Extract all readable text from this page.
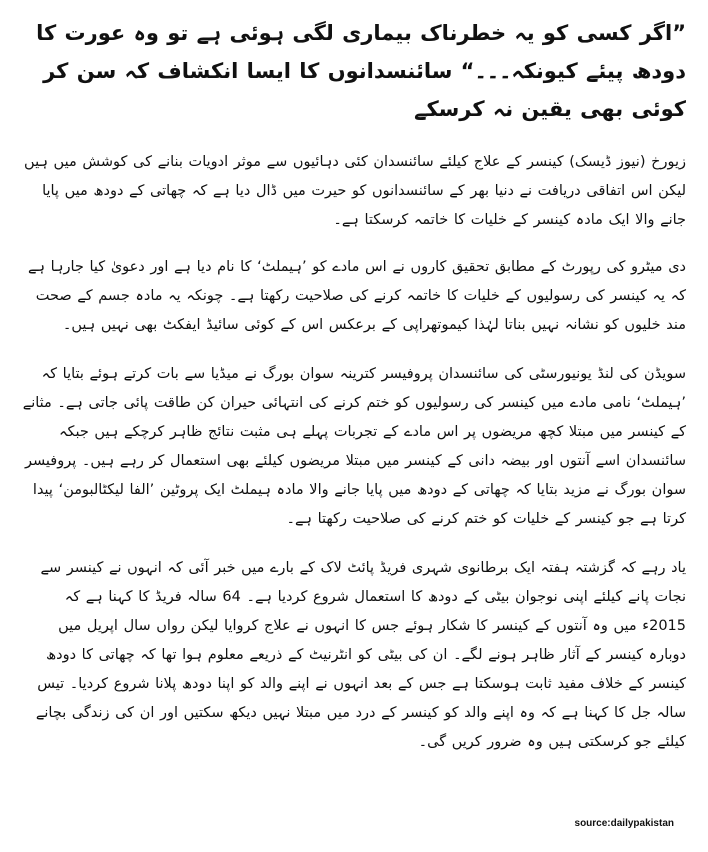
”اگر کسی کو یہ خطرناک بیماری لگی ہوئی ہے تو وہ عورت کا دودھ پیئے کیونکہ۔۔۔“ سائنسدانوں کا ایسا انکشاف کہ سن کر کوئی بھی یقین نہ کرسکے

زیورخ (نیوز ڈیسک) کینسر کے علاج کیلئے سائنسدان کئی دہائیوں سے موثر ادویات بنانے کی کوشش میں ہیں لیکن اس اتفاقی دریافت نے دنیا بھر کے سائنسدانوں کو حیرت میں ڈال دیا ہے کہ چھاتی کے دودھ میں پایا جانے والا ایک مادہ کینسر کے خلیات کا خاتمہ کرسکتا ہے۔

دی میٹرو کی رپورٹ کے مطابق تحقیق کاروں نے اس مادے کو ’ہیملٹ‘ کا نام دیا ہے اور دعویٰ کیا جارہا ہے کہ یہ کینسر کی رسولیوں کے خلیات کا خاتمہ کرنے کی صلاحیت رکھتا ہے۔ چونکہ یہ مادہ جسم کے صحت مند خلیوں کو نشانہ نہیں بناتا لہٰذا کیموتھراپی کے برعکس اس کے کوئی سائیڈ ایفکٹ بھی نہیں ہیں۔

سویڈن کی لنڈ یونیورسٹی کی سائنسدان پروفیسر کترینہ سوان بورگ نے میڈیا سے بات کرتے ہوئے بتایا کہ ’ہیملٹ‘ نامی مادے میں کینسر کی رسولیوں کو ختم کرنے کی انتہائی حیران کن طاقت پائی جاتی ہے۔ مثانے کے کینسر میں مبتلا کچھ مریضوں پر اس مادے کے تجربات پہلے ہی مثبت نتائج ظاہر کرچکے ہیں جبکہ سائنسدان اسے آنتوں اور بیضہ دانی کے کینسر میں مبتلا مریضوں کیلئے بھی استعمال کر رہے ہیں۔ پروفیسر سوان بورگ نے مزید بتایا کہ چھاتی کے دودھ میں پایا جانے والا مادہ ہیملٹ ایک پروٹین ’الفا لیکٹالبومن‘ پیدا کرتا ہے جو کینسر کے خلیات کو ختم کرنے کی صلاحیت رکھتا ہے۔

یاد رہے کہ گزشتہ ہفتہ ایک برطانوی شہری فریڈ پائٹ لاک کے بارے میں خبر آئی کہ انہوں نے کینسر سے نجات پانے کیلئے اپنی نوجوان بیٹی کے دودھ کا استعمال شروع کردیا ہے۔ 64 سالہ فریڈ کا کہنا ہے کہ 2015ء میں وہ آنتوں کے کینسر کا شکار ہوئے جس کا انہوں نے علاج کروایا لیکن رواں سال اپریل میں دوبارہ کینسر کے آثار ظاہر ہونے لگے۔ ان کی بیٹی کو انٹرنیٹ کے ذریعے معلوم ہوا تھا کہ چھاتی کا دودھ کینسر کے خلاف مفید ثابت ہوسکتا ہے جس کے بعد انہوں نے اپنے والد کو اپنا دودھ پلانا شروع کردیا۔ تیس سالہ جل کا کہنا ہے کہ وہ اپنے والد کو کینسر کے درد میں مبتلا نہیں دیکھ سکتیں اور ان کی زندگی بچانے کیلئے جو کرسکتی ہیں وہ ضرور کریں گی۔

source:dailypakistan
